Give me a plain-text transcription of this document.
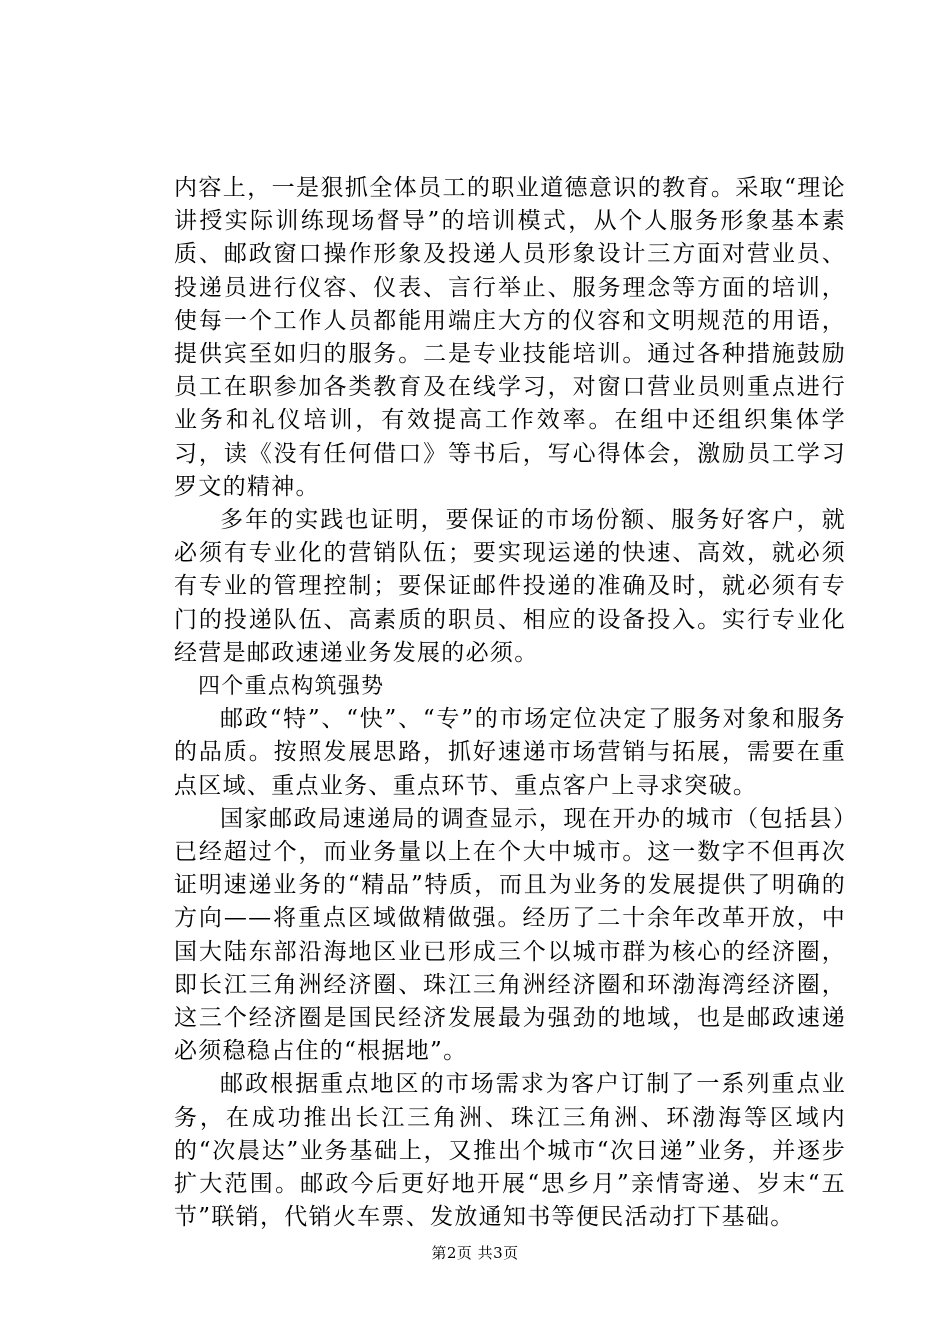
内容上，一是狠抓全体员工的职业道德意识的教育。采取“理论讲授实际训练现场督导”的培训模式，从个人服务形象基本素质、邮政窗口操作形象及投递人员形象设计三方面对营业员、投递员进行仪容、仪表、言行举止、服务理念等方面的培训，使每一个工作人员都能用端庄大方的仪容和文明规范的用语，提供宾至如归的服务。二是专业技能培训。通过各种措施鼓励员工在职参加各类教育及在线学习，对窗口营业员则重点进行业务和礼仪培训，有效提高工作效率。在组中还组织集体学习，读《没有任何借口》等书后，写心得体会，激励员工学习罗文的精神。

多年的实践也证明，要保证的市场份额、服务好客户，就必须有专业化的营销队伍；要实现运递的快速、高效，就必须有专业的管理控制；要保证邮件投递的准确及时，就必须有专门的投递队伍、高素质的职员、相应的设备投入。实行专业化经营是邮政速递业务发展的必须。

四个重点构筑强势

邮政“特”、“快”、“专”的市场定位决定了服务对象和服务的品质。按照发展思路，抓好速递市场营销与拓展，需要在重点区域、重点业务、重点环节、重点客户上寻求突破。

国家邮政局速递局的调查显示，现在开办的城市（包括县）已经超过个，而业务量以上在个大中城市。这一数字不但再次证明速递业务的“精品”特质，而且为业务的发展提供了明确的方向——将重点区域做精做强。经历了二十余年改革开放，中国大陆东部沿海地区业已形成三个以城市群为核心的经济圈，即长江三角洲经济圈、珠江三角洲经济圈和环渤海湾经济圈，这三个经济圈是国民经济发展最为强劲的地域，也是邮政速递必须稳稳占住的“根据地”。

邮政根据重点地区的市场需求为客户订制了一系列重点业务，在成功推出长江三角洲、珠江三角洲、环渤海等区域内的“次晨达”业务基础上，又推出个城市“次日递”业务，并逐步扩大范围。邮政今后更好地开展“思乡月”亲情寄递、岁末“五节”联销，代销火车票、发放通知书等便民活动打下基础。

第2页 共3页
